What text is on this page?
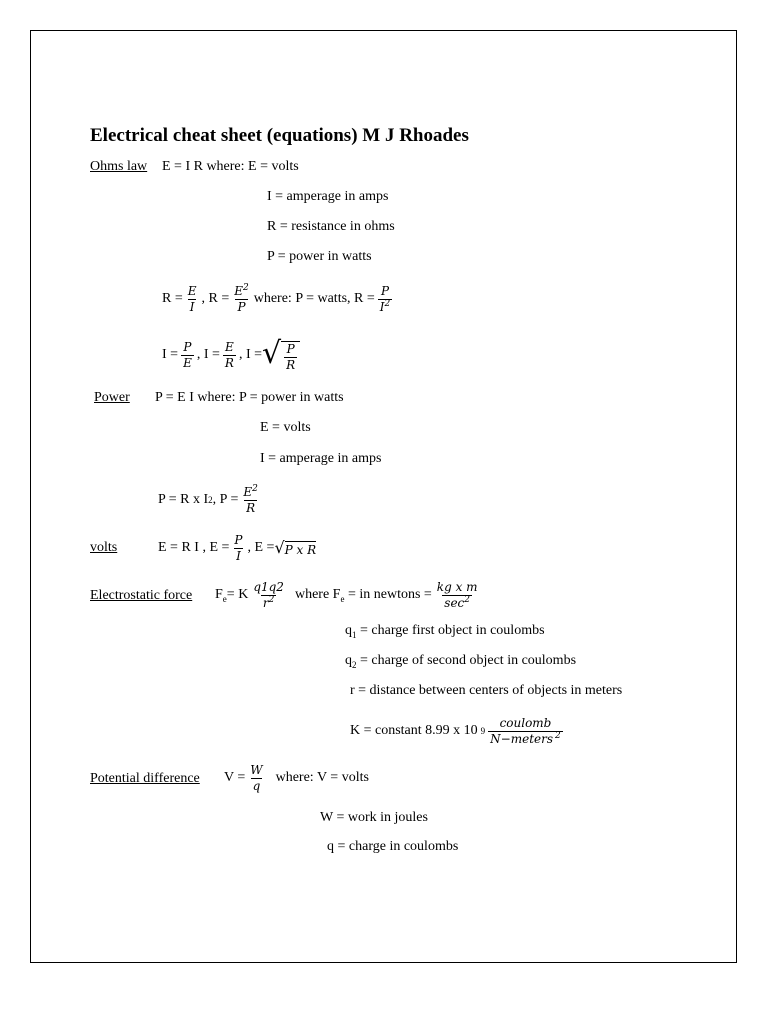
Electrical cheat sheet (equations) M J Rhoades
Ohms law E = I R where: E = volts
I = amperage in amps
R = resistance in ohms
P = power in watts
$R = \frac{E}{I}$ , $R = \frac{E^2}{P}$ where: P = watts, $R = \frac{P}{I^2}$
$I = \frac{P}{E}$ , $I = \frac{E}{R}$ , I = √ $\frac{P}{R}$
Power P = E I where: P = power in watts
E = volts
I = amperage in amps
P = R x I 2 , $P = \frac{E^2}{R}$
volts	E = R I , $E = \frac{P}{I}$ , E = √ P x R
Electrostatic force $F_e = K \frac{q1q2}{r^2}$ where $F_e$ = in newtons = $\frac{\text{kg x m}}{\sec^2}$
$q_1$ = charge first object in coulombs
$q_2$ = charge of second object in coulombs
r = distance between centers of objects in meters
K = constant 8.99 x 10 $9 \frac{\text{coulomb}}{N-meters ^2}$
Potential difference $V = \frac{W}{q}$ where: V = volts
W = work in joules
q = charge in coulombs
